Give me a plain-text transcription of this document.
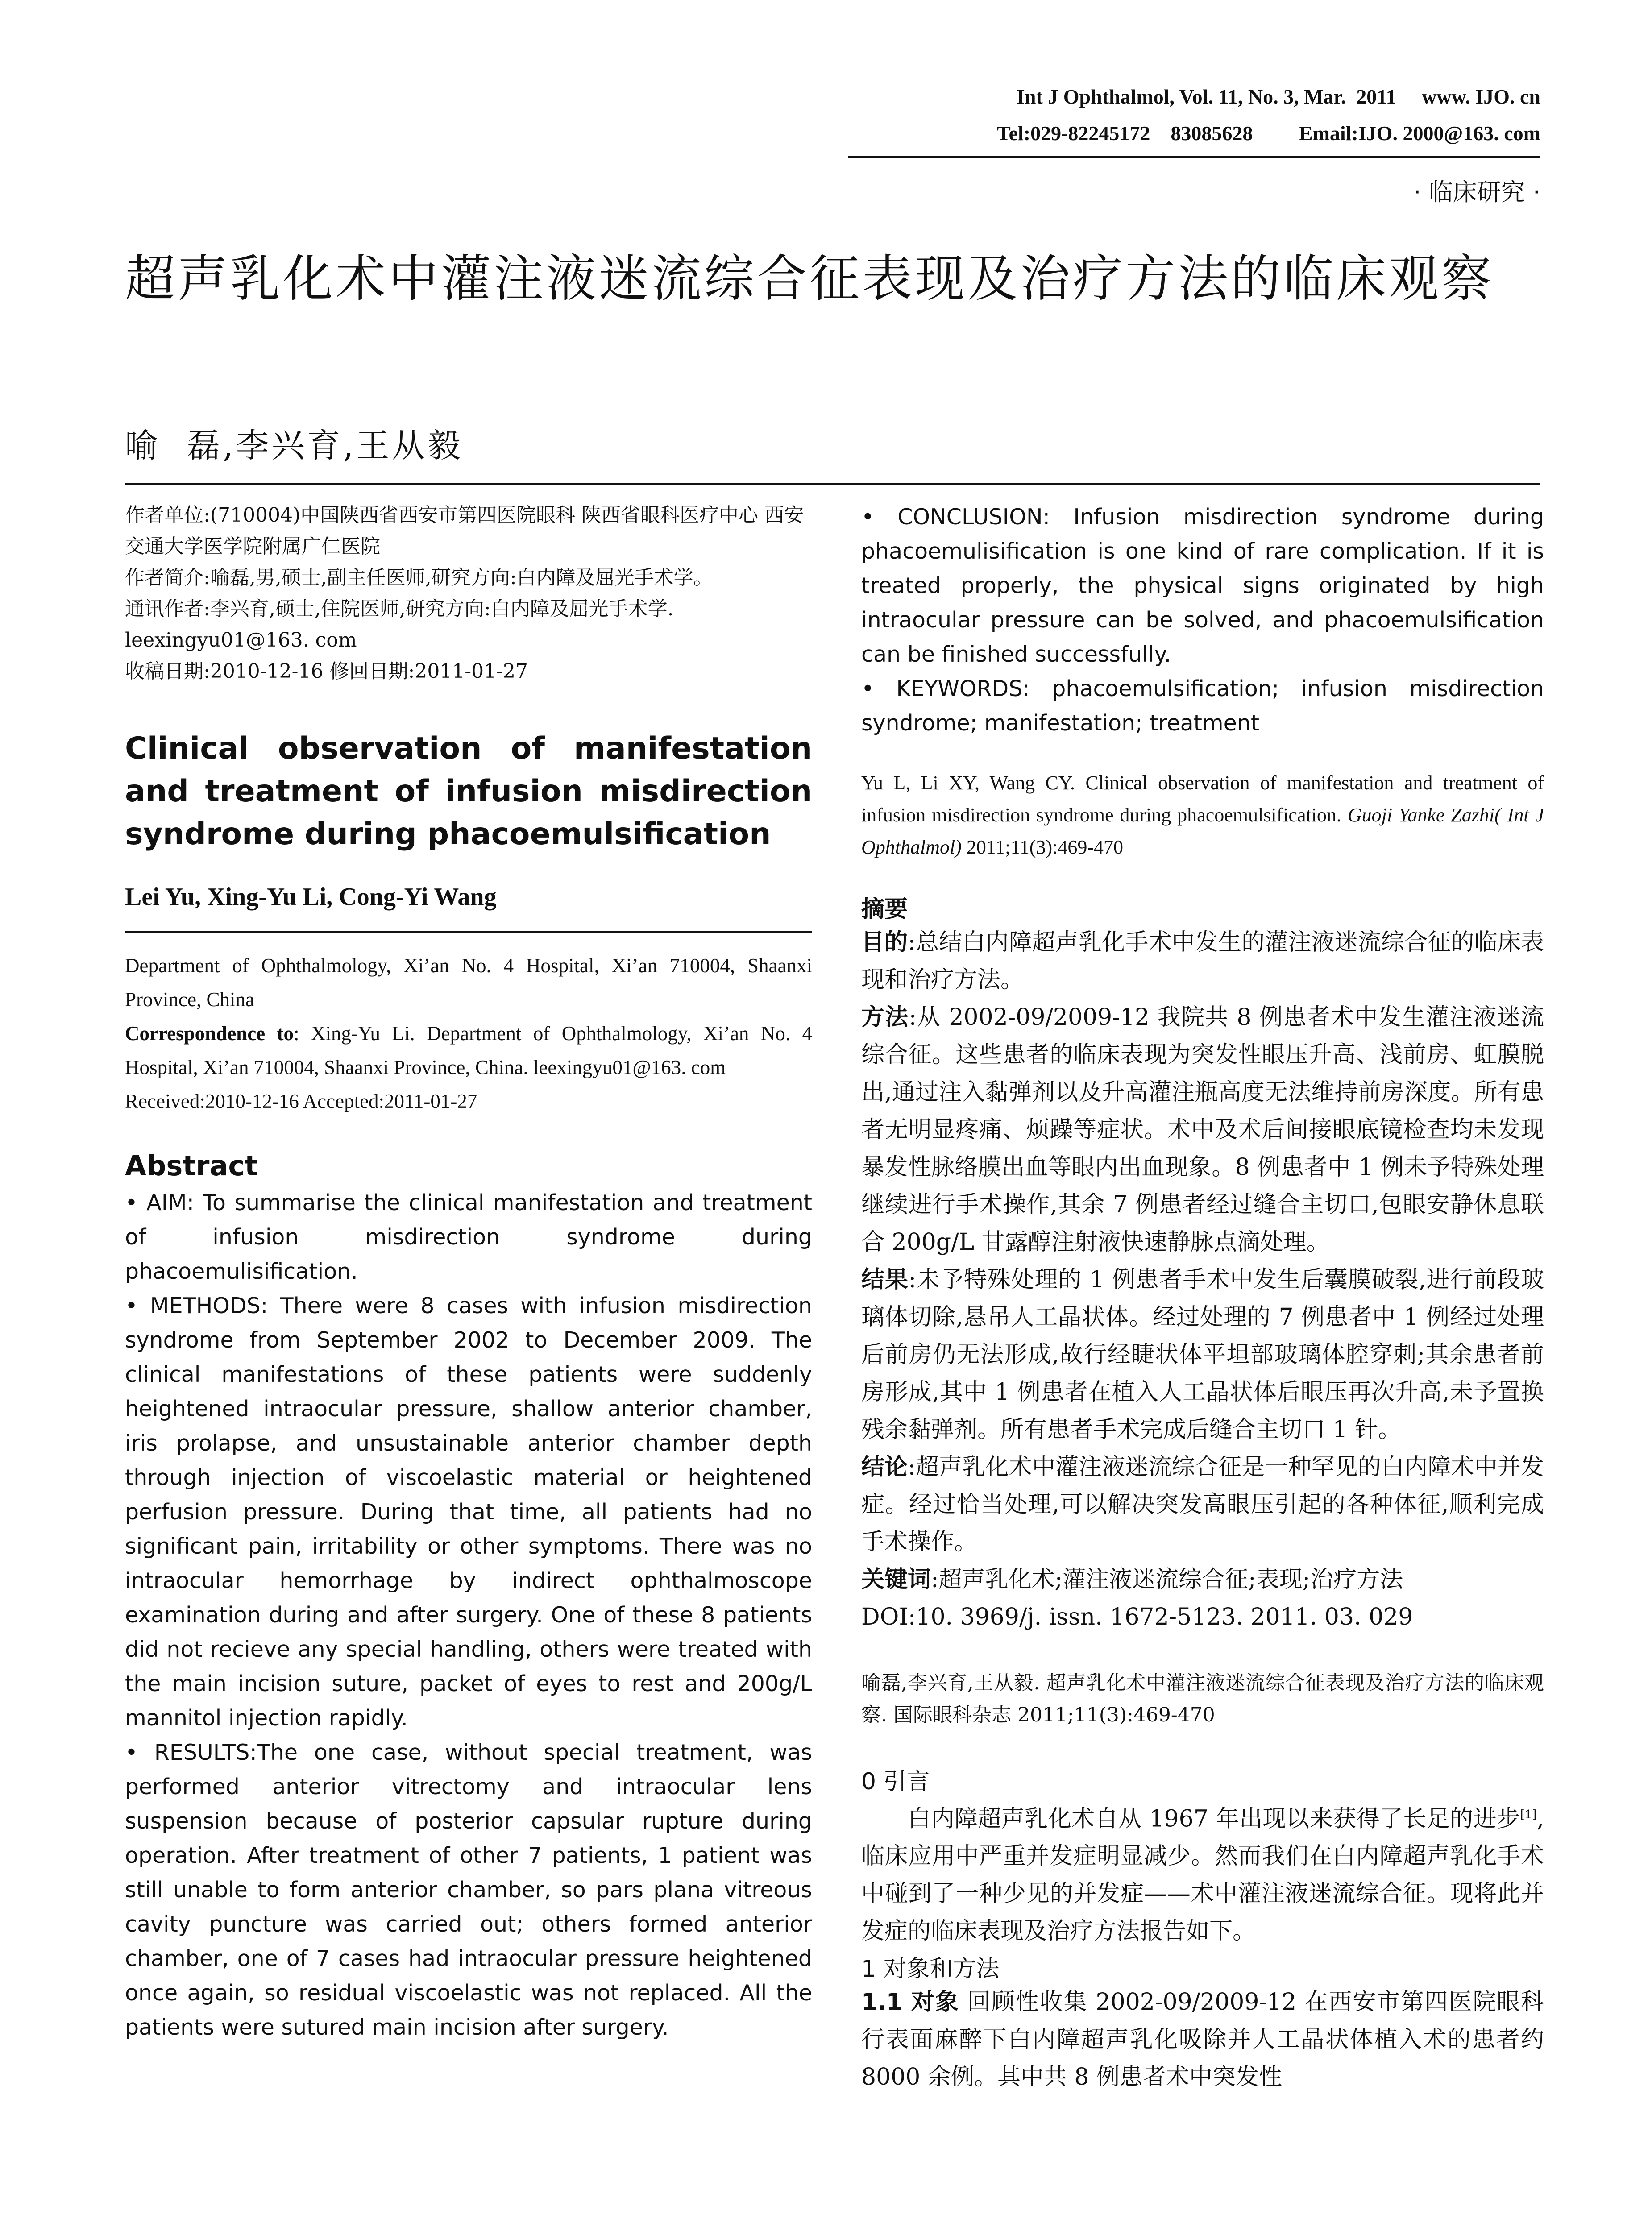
Int J Ophthalmol, Vol. 11, No. 3, Mar.  2011     www. IJO. cn
Tel:029-82245172    83085628         Email:IJO. 2000@163. com
· 临床研究 ·
超声乳化术中灌注液迷流综合征表现及治疗方法的临床观察
喻  磊,李兴育,王从毅

作者单位:(710004)中国陕西省西安市第四医院眼科 陕西省眼科医疗中心 西安交通大学医学院附属广仁医院

作者简介:喻磊,男,硕士,副主任医师,研究方向:白内障及屈光手术学。

通讯作者:李兴育,硕士,住院医师,研究方向:白内障及屈光手术学. leexingyu01@163. com

收稿日期:2010-12-16 修回日期:2011-01-27

Clinical observation of manifestation and treatment of infusion misdirection syndrome during phacoemulsification

Lei Yu, Xing-Yu Li, Cong-Yi Wang

Department of Ophthalmology, Xi’an No. 4 Hospital, Xi’an 710004, Shaanxi Province, China

Correspondence to: Xing-Yu Li. Department of Ophthalmology, Xi’an No. 4 Hospital, Xi’an 710004, Shaanxi Province, China. leexingyu01@163. com

Received:2010-12-16 Accepted:2011-01-27

Abstract

• AIM: To summarise the clinical manifestation and treatment of infusion misdirection syndrome during phacoemulisification.

• METHODS: There were 8 cases with infusion misdirection syndrome from September 2002 to December 2009. The clinical manifestations of these patients were suddenly heightened intraocular pressure, shallow anterior chamber, iris prolapse, and unsustainable anterior chamber depth through injection of viscoelastic material or heightened perfusion pressure. During that time, all patients had no significant pain, irritability or other symptoms. There was no intraocular hemorrhage by indirect ophthalmoscope examination during and after surgery. One of these 8 patients did not recieve any special handling, others were treated with the main incision suture, packet of eyes to rest and 200g/L mannitol injection rapidly.

• RESULTS:The one case, without special treatment, was performed anterior vitrectomy and intraocular lens suspension because of posterior capsular rupture during operation. After treatment of other 7 patients, 1 patient was still unable to form anterior chamber, so pars plana vitreous cavity puncture was carried out; others formed anterior chamber, one of 7 cases had intraocular pressure heightened once again, so residual viscoelastic was not replaced. All the patients were sutured main incision after surgery.

• CONCLUSION: Infusion misdirection syndrome during phacoemulisification is one kind of rare complication. If it is treated properly, the physical signs originated by high intraocular pressure can be solved, and phacoemulsification can be finished successfully.

• KEYWORDS: phacoemulsification; infusion misdirection syndrome; manifestation; treatment

Yu L, Li XY, Wang CY. Clinical observation of manifestation and treatment of infusion misdirection syndrome during phacoemulsification. Guoji Yanke Zazhi( Int J Ophthalmol) 2011;11(3):469-470

摘要

目的:总结白内障超声乳化手术中发生的灌注液迷流综合征的临床表现和治疗方法。

方法:从 2002-09/2009-12 我院共 8 例患者术中发生灌注液迷流综合征。这些患者的临床表现为突发性眼压升高、浅前房、虹膜脱出,通过注入黏弹剂以及升高灌注瓶高度无法维持前房深度。所有患者无明显疼痛、烦躁等症状。术中及术后间接眼底镜检查均未发现暴发性脉络膜出血等眼内出血现象。8 例患者中 1 例未予特殊处理继续进行手术操作,其余 7 例患者经过缝合主切口,包眼安静休息联合 200g/L 甘露醇注射液快速静脉点滴处理。

结果:未予特殊处理的 1 例患者手术中发生后囊膜破裂,进行前段玻璃体切除,悬吊人工晶状体。经过处理的 7 例患者中 1 例经过处理后前房仍无法形成,故行经睫状体平坦部玻璃体腔穿刺;其余患者前房形成,其中 1 例患者在植入人工晶状体后眼压再次升高,未予置换残余黏弹剂。所有患者手术完成后缝合主切口 1 针。

结论:超声乳化术中灌注液迷流综合征是一种罕见的白内障术中并发症。经过恰当处理,可以解决突发高眼压引起的各种体征,顺利完成手术操作。

关键词:超声乳化术;灌注液迷流综合征;表现;治疗方法

DOI:10. 3969/j. issn. 1672-5123. 2011. 03. 029

喻磊,李兴育,王从毅. 超声乳化术中灌注液迷流综合征表现及治疗方法的临床观察. 国际眼科杂志 2011;11(3):469-470

0 引言

白内障超声乳化术自从 1967 年出现以来获得了长足的进步[1],临床应用中严重并发症明显减少。然而我们在白内障超声乳化手术中碰到了一种少见的并发症——术中灌注液迷流综合征。现将此并发症的临床表现及治疗方法报告如下。

1 对象和方法

1.1 对象 回顾性收集 2002-09/2009-12 在西安市第四医院眼科行表面麻醉下白内障超声乳化吸除并人工晶状体植入术的患者约 8000 余例。其中共 8 例患者术中突发性
